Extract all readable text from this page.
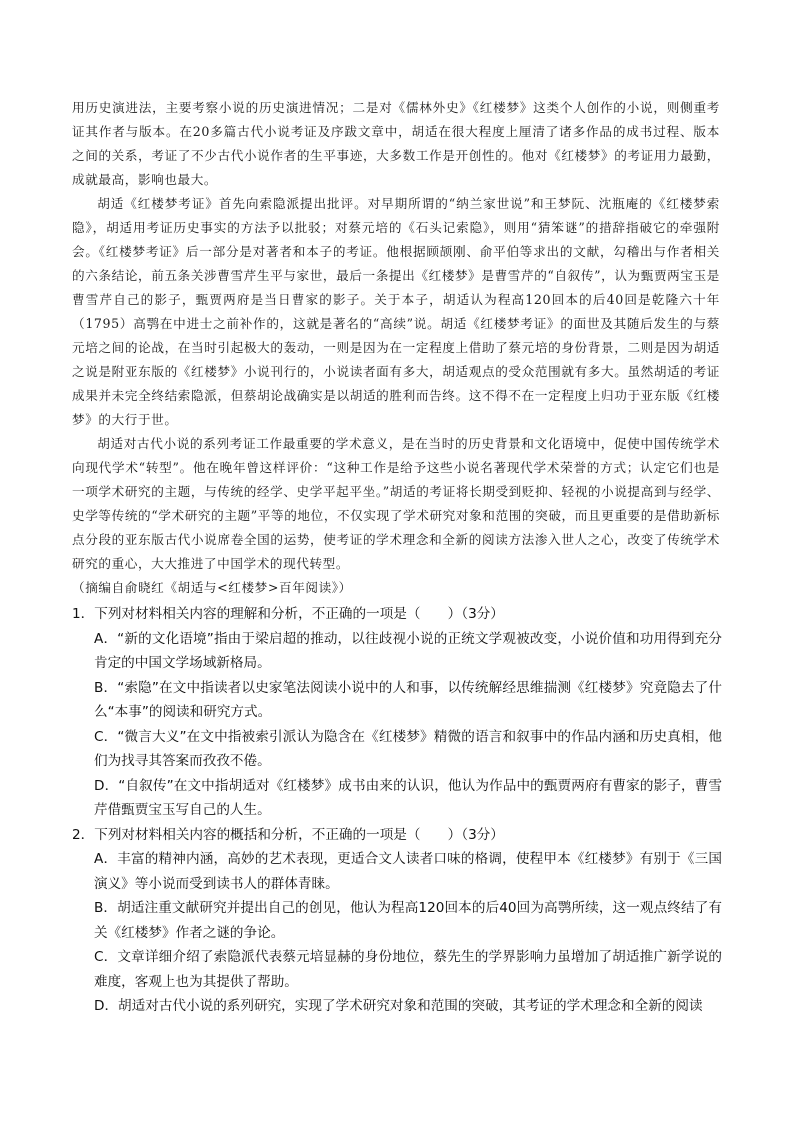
用历史演进法，主要考察小说的历史演进情况；二是对《儒林外史》《红楼梦》这类个人创作的小说，则侧重考证其作者与版本。在20多篇古代小说考证及序跋文章中，胡适在很大程度上厘清了诸多作品的成书过程、版本之间的关系，考证了不少古代小说作者的生平事迹，大多数工作是开创性的。他对《红楼梦》的考证用力最勤，成就最高，影响也最大。

胡适《红楼梦考证》首先向索隐派提出批评。对早期所谓的“纳兰家世说”和王梦阮、沈瓶庵的《红楼梦索隐》，胡适用考证历史事实的方法予以批驳；对蔡元培的《石头记索隐》，则用“猜笨谜”的措辞指破它的牵强附会。《红楼梦考证》后一部分是对著者和本子的考证。他根据顾颉刚、俞平伯等求出的文献，勾稽出与作者相关的六条结论，前五条关涉曹雪芹生平与家世，最后一条提出《红楼梦》是曹雪芹的“自叙传”，认为甄贾两宝玉是曹雪芹自己的影子，甄贾两府是当日曹家的影子。关于本子，胡适认为程高120回本的后40回是乾隆六十年（1795）高鹗在中进士之前补作的，这就是著名的“高续”说。胡适《红楼梦考证》的面世及其随后发生的与蔡元培之间的论战，在当时引起极大的轰动，一则是因为在一定程度上借助了蔡元培的身份背景，二则是因为胡适之说是附亚东版的《红楼梦》小说刊行的，小说读者面有多大，胡适观点的受众范围就有多大。虽然胡适的考证成果并未完全终结索隐派，但蔡胡论战确实是以胡适的胜利而告终。这不得不在一定程度上归功于亚东版《红楼梦》的大行于世。

胡适对古代小说的系列考证工作最重要的学术意义，是在当时的历史背景和文化语境中，促使中国传统学术向现代学术“转型”。他在晚年曾这样评价：“这种工作是给予这些小说名著现代学术荣誉的方式；认定它们也是一项学术研究的主题，与传统的经学、史学平起平坐。”胡适的考证将长期受到贬抑、轻视的小说提高到与经学、史学等传统的“学术研究的主题”平等的地位，不仅实现了学术研究对象和范围的突破，而且更重要的是借助新标点分段的亚东版古代小说席卷全国的运势，使考证的学术理念和全新的阅读方法渗入世人之心，改变了传统学术研究的重心，大大推进了中国学术的现代转型。

（摘编自俞晓红《胡适与<红楼梦>百年阅读》）

1．下列对材料相关内容的理解和分析，不正确的一项是（　　）（3分）

A．“新的文化语境”指由于梁启超的推动，以往歧视小说的正统文学观被改变，小说价值和功用得到充分肯定的中国文学场域新格局。

B．“索隐”在文中指读者以史家笔法阅读小说中的人和事，以传统解经思维揣测《红楼梦》究竟隐去了什么“本事”的阅读和研究方式。

C．“微言大义”在文中指被索引派认为隐含在《红楼梦》精微的语言和叙事中的作品内涵和历史真相，他们为找寻其答案而孜孜不倦。

D．“自叙传”在文中指胡适对《红楼梦》成书由来的认识，他认为作品中的甄贾两府有曹家的影子，曹雪芹借甄贾宝玉写自己的人生。

2．下列对材料相关内容的概括和分析，不正确的一项是（　　）（3分）

A．丰富的精神内涵，高妙的艺术表现，更适合文人读者口味的格调，使程甲本《红楼梦》有别于《三国演义》等小说而受到读书人的群体青睐。

B．胡适注重文献研究并提出自己的创见，他认为程高120回本的后40回为高鹗所续，这一观点终结了有关《红楼梦》作者之谜的争论。

C．文章详细介绍了索隐派代表蔡元培显赫的身份地位，蔡先生的学界影响力虽增加了胡适推广新学说的难度，客观上也为其提供了帮助。

D．胡适对古代小说的系列研究，实现了学术研究对象和范围的突破，其考证的学术理念和全新的阅读
